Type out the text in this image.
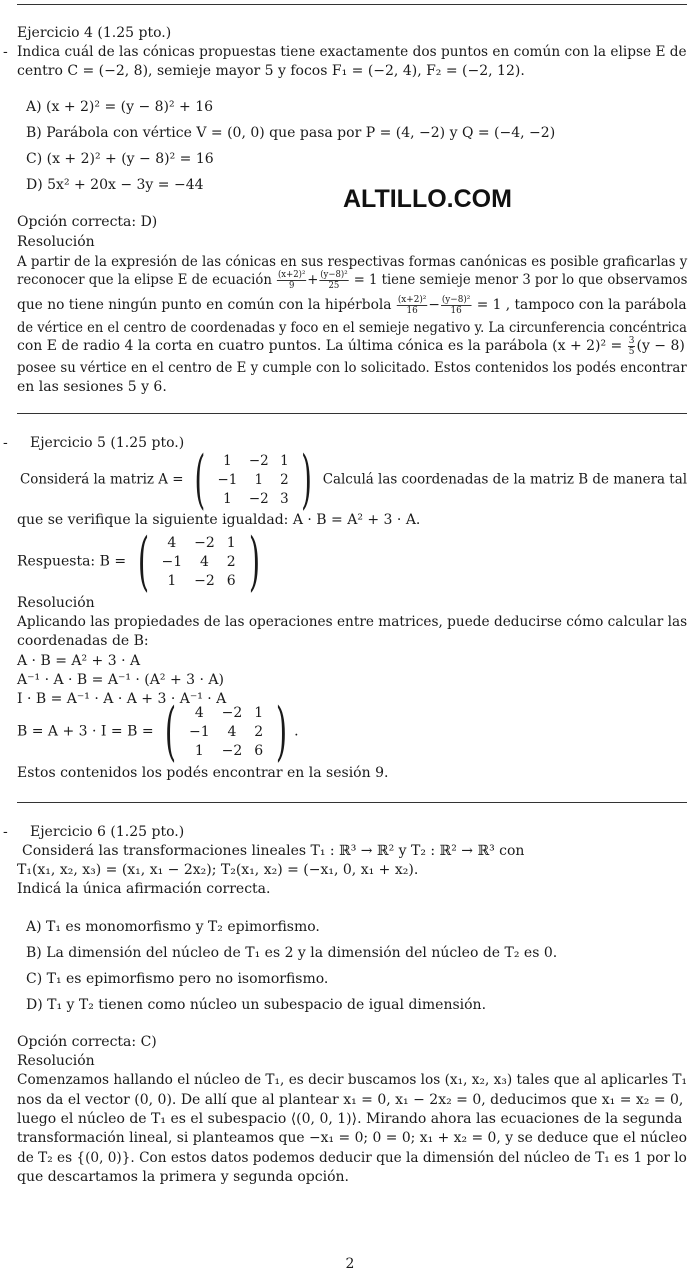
-
Ejercicio 4 (1.25 pto.)
Indica cuál de las cónicas propuestas tiene exactamente dos puntos en común con la elipse E de
centro C = (−2, 8), semieje mayor 5 y focos F₁ = (−2, 4), F₂ = (−2, 12).
A) (x + 2)² = (y − 8)² + 16
B) Parábola con vértice V = (0, 0) que pasa por P = (4, −2) y Q = (−4, −2)
C) (x + 2)² + (y − 8)² = 16
D) 5x² + 20x − 3y = −44	ALTILLO.COM
Opción correcta: D)
Resolución
A partir de la expresión de las cónicas en sus respectivas formas canónicas es posible graficarlas y
reconocer que la elipse E de ecuación $\frac{\text{(x+2)²}}{9} + \frac{\text{(y−8)²}}{25} = 1$ tiene semieje menor 3 por lo que observamos
que no tiene ningún punto en común con la hipérbola $\frac{\text{(x+2)²}}{16} - \frac{\text{(y−8)²}}{16} = 1$ , tampoco con la parábola
de vértice en el centro de coordenadas y foco en el semieje negativo y. La circunferencia concéntrica
con E de radio 4 la corta en cuatro puntos. La última cónica es la parábola $(x + 2)^2 = \frac{3}{5} (y - 8)$
posee su vértice en el centro de E y cumple con lo solicitado. Estos contenidos los podés encontrar
en las sesiones 5 y 6.
- Ejercicio 5 (1.25 pto.)
Considerá la matriz A = ( 1	−2	1
−1	1	2
1	−2	3 ) Calculá las coordenadas de la matriz B de manera tal
que se verifique la siguiente igualdad: A · B = A² + 3 · A.
Respuesta: B = ( 4	−2	1
−1	4	2
1	−2	6 )
Resolución
Aplicando las propiedades de las operaciones entre matrices, puede deducirse cómo calcular las
coordenadas de B:
A · B = A² + 3 · A
A⁻¹ · A · B = A⁻¹ · (A² + 3 · A)
I · B = A⁻¹ · A · A + 3 · A⁻¹ · A
B = A + 3 · I = B = ( 4	−2	1
−1	4	2
1	−2	6 ) .
Estos contenidos los podés encontrar en la sesión 9.
- Ejercicio 6 (1.25 pto.)
Considerá las transformaciones lineales T₁ : ℝ³ → ℝ² y T₂ : ℝ² → ℝ³ con
T₁(x₁, x₂, x₃) = (x₁, x₁ − 2x₂); T₂(x₁, x₂) = (−x₁, 0, x₁ + x₂).
Indicá la única afirmación correcta.
A) T₁ es monomorfismo y T₂ epimorfismo.
B) La dimensión del núcleo de T₁ es 2 y la dimensión del núcleo de T₂ es 0.
C) T₁ es epimorfismo pero no isomorfismo.
D) T₁ y T₂ tienen como núcleo un subespacio de igual dimensión.
Opción correcta: C)
Resolución
Comenzamos hallando el núcleo de T₁, es decir buscamos los (x₁, x₂, x₃) tales que al aplicarles T₁
nos da el vector (0, 0). De allí que al plantear x₁ = 0, x₁ − 2x₂ = 0, deducimos que x₁ = x₂ = 0,
luego el núcleo de T₁ es el subespacio ⟨(0, 0, 1)⟩. Mirando ahora las ecuaciones de la segunda
transformación lineal, si planteamos que −x₁ = 0; 0 = 0; x₁ + x₂ = 0, y se deduce que el núcleo
de T₂ es {(0, 0)}. Con estos datos podemos deducir que la dimensión del núcleo de T₁ es 1 por lo
que descartamos la primera y segunda opción.
2
